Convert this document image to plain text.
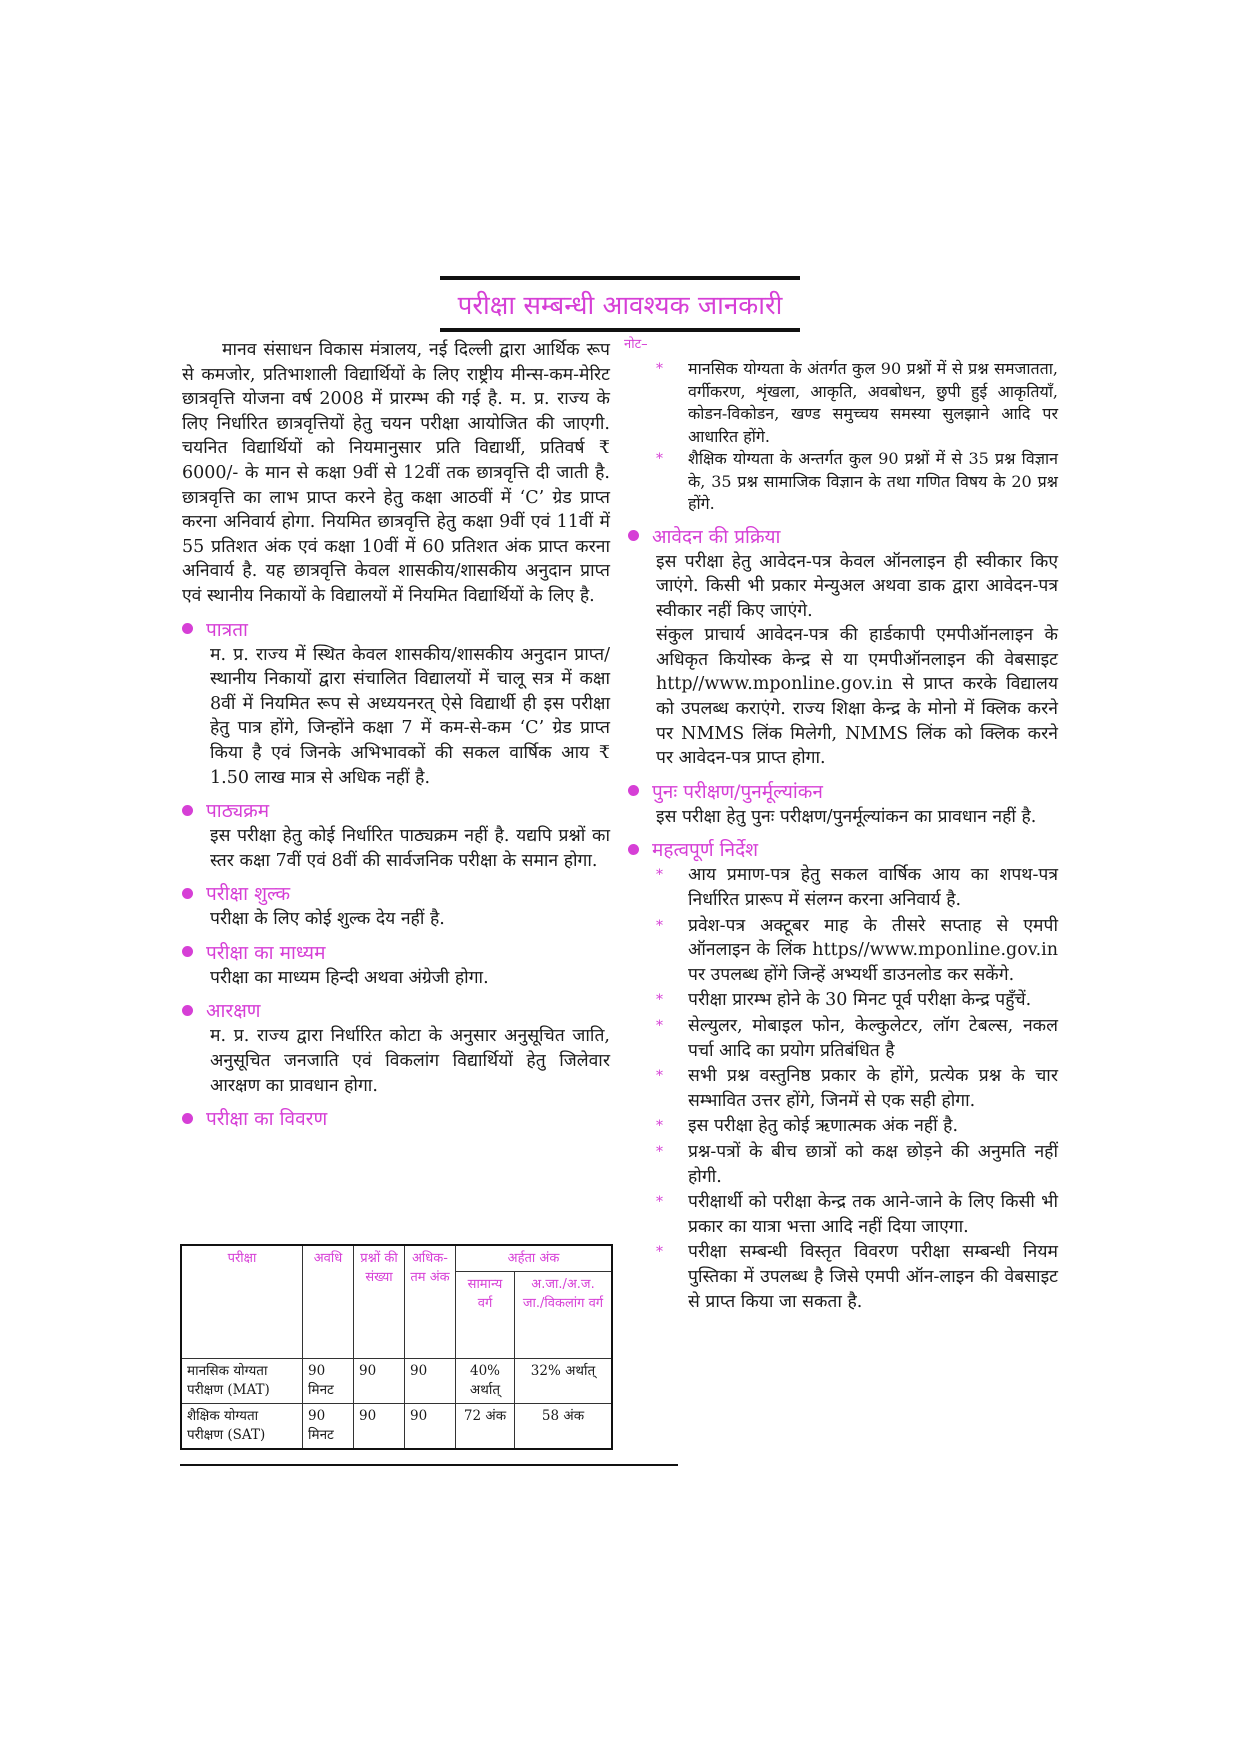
परीक्षा सम्बन्धी आवश्यक जानकारी

मानव संसाधन विकास मंत्रालय, नई दिल्ली द्वारा आर्थिक रूप से कमजोर, प्रतिभाशाली विद्यार्थियों के लिए राष्ट्रीय मीन्स-कम-मेरिट छात्रवृत्ति योजना वर्ष 2008 में प्रारम्भ की गई है. म. प्र. राज्य के लिए निर्धारित छात्रवृत्तियों हेतु चयन परीक्षा आयोजित की जाएगी. चयनित विद्यार्थियों को नियमानुसार प्रति विद्यार्थी, प्रतिवर्ष ₹ 6000/- के मान से कक्षा 9वीं से 12वीं तक छात्रवृत्ति दी जाती है. छात्रवृत्ति का लाभ प्राप्त करने हेतु कक्षा आठवीं में ‘C’ ग्रेड प्राप्त करना अनिवार्य होगा. नियमित छात्रवृत्ति हेतु कक्षा 9वीं एवं 11वीं में 55 प्रतिशत अंक एवं कक्षा 10वीं में 60 प्रतिशत अंक प्राप्त करना अनिवार्य है. यह छात्रवृत्ति केवल शासकीय/शासकीय अनुदान प्राप्त एवं स्थानीय निकायों के विद्यालयों में नियमित विद्यार्थियों के लिए है.

पात्रता

म. प्र. राज्य में स्थित केवल शासकीय/शासकीय अनुदान प्राप्त/स्थानीय निकायों द्वारा संचालित विद्यालयों में चालू सत्र में कक्षा 8वीं में नियमित रूप से अध्ययनरत् ऐसे विद्यार्थी ही इस परीक्षा हेतु पात्र होंगे, जिन्होंने कक्षा 7 में कम-से-कम ‘C’ ग्रेड प्राप्त किया है एवं जिनके अभिभावकों की सकल वार्षिक आय ₹ 1.50 लाख मात्र से अधिक नहीं है.

पाठ्यक्रम

इस परीक्षा हेतु कोई निर्धारित पाठ्यक्रम नहीं है. यद्यपि प्रश्नों का स्तर कक्षा 7वीं एवं 8वीं की सार्वजनिक परीक्षा के समान होगा.

परीक्षा शुल्क

परीक्षा के लिए कोई शुल्क देय नहीं है.

परीक्षा का माध्यम

परीक्षा का माध्यम हिन्दी अथवा अंग्रेजी होगा.

आरक्षण

म. प्र. राज्य द्वारा निर्धारित कोटा के अनुसार अनुसूचित जाति, अनुसूचित जनजाति एवं विकलांग विद्यार्थियों हेतु जिलेवार आरक्षण का प्रावधान होगा.

परीक्षा का विवरण
परीक्षा	अवधि	प्रश्नों की संख्या	अधिक- तम अंक	अर्हता अंक	
				सामान्य वर्ग	अ.जा./अ.ज. जा./विकलांग वर्ग
मानसिक योग्यता परीक्षण (MAT)	90 मिनट	90	90	40% अर्थात्	32% अर्थात्
शैक्षिक योग्यता परीक्षण (SAT)	90 मिनट	90	90	72 अंक	58 अंक
नोट–
* मानसिक योग्यता के अंतर्गत कुल 90 प्रश्नों में से प्रश्न समजातता, वर्गीकरण, शृंखला, आकृति, अवबोधन, छुपी हुई आकृतियाँ, कोडन-विकोडन, खण्ड समुच्चय समस्या सुलझाने आदि पर आधारित होंगे.
* शैक्षिक योग्यता के अन्तर्गत कुल 90 प्रश्नों में से 35 प्रश्न विज्ञान के, 35 प्रश्न सामाजिक विज्ञान के तथा गणित विषय के 20 प्रश्न होंगे.
आवेदन की प्रक्रिया

इस परीक्षा हेतु आवेदन-पत्र केवल ऑनलाइन ही स्वीकार किए जाएंगे. किसी भी प्रकार मेन्युअल अथवा डाक द्वारा आवेदन-पत्र स्वीकार नहीं किए जाएंगे.

संकुल प्राचार्य आवेदन-पत्र की हार्डकापी एमपीऑनलाइन के अधिकृत कियोस्क केन्द्र से या एमपीऑनलाइन की वेबसाइट http//www.mponline.gov.in से प्राप्त करके विद्यालय को उपलब्ध कराएंगे. राज्य शिक्षा केन्द्र के मोनो में क्लिक करने पर NMMS लिंक मिलेगी, NMMS लिंक को क्लिक करने पर आवेदन-पत्र प्राप्त होगा.

पुनः परीक्षण/पुनर्मूल्यांकन

इस परीक्षा हेतु पुनः परीक्षण/पुनर्मूल्यांकन का प्रावधान नहीं है.

महत्वपूर्ण निर्देश
* आय प्रमाण-पत्र हेतु सकल वार्षिक आय का शपथ-पत्र निर्धारित प्रारूप में संलग्न करना अनिवार्य है.
* प्रवेश-पत्र अक्टूबर माह के तीसरे सप्ताह से एमपी ऑनलाइन के लिंक https//www.mponline.gov.in पर उपलब्ध होंगे जिन्हें अभ्यर्थी डाउनलोड कर सकेंगे.
* परीक्षा प्रारम्भ होने के 30 मिनट पूर्व परीक्षा केन्द्र पहुँचें.
* सेल्युलर, मोबाइल फोन, केल्कुलेटर, लॉग टेबल्स, नकल पर्चा आदि का प्रयोग प्रतिबंधित है
* सभी प्रश्न वस्तुनिष्ठ प्रकार के होंगे, प्रत्येक प्रश्न के चार सम्भावित उत्तर होंगे, जिनमें से एक सही होगा.
* इस परीक्षा हेतु कोई ऋणात्मक अंक नहीं है.
* प्रश्न-पत्रों के बीच छात्रों को कक्ष छोड़ने की अनुमति नहीं होगी.
* परीक्षार्थी को परीक्षा केन्द्र तक आने-जाने के लिए किसी भी प्रकार का यात्रा भत्ता आदि नहीं दिया जाएगा.
* परीक्षा सम्बन्धी विस्तृत विवरण परीक्षा सम्बन्धी नियम पुस्तिका में उपलब्ध है जिसे एमपी ऑन-लाइन की वेबसाइट से प्राप्त किया जा सकता है.
